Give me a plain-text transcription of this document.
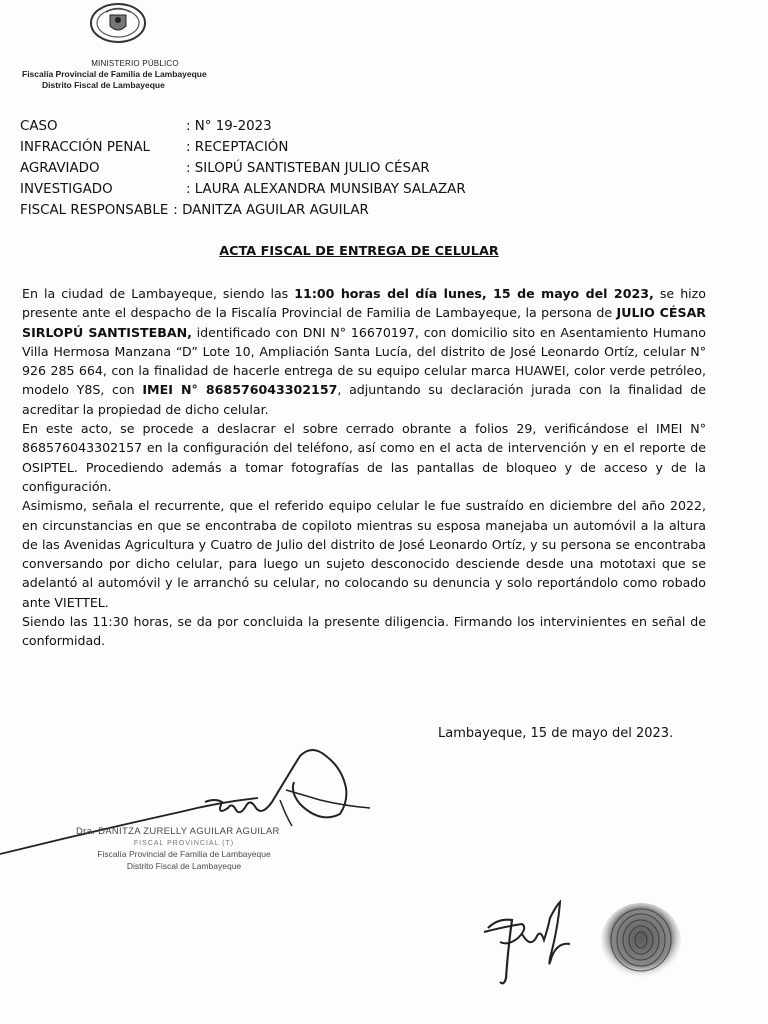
MINISTERIO PÚBLICO
Fiscalía Provincial de Familia de Lambayeque
Distrito Fiscal de Lambayeque
CASO	: N° 19-2023
INFRACCIÓN PENAL	: RECEPTACIÓN
AGRAVIADO	: SILOPÚ SANTISTEBAN JULIO CÉSAR
INVESTIGADO	: LAURA ALEXANDRA MUNSIBAY SALAZAR
FISCAL RESPONSABLE : DANITZA AGUILAR AGUILAR
ACTA FISCAL DE ENTREGA DE CELULAR

En la ciudad de Lambayeque, siendo las 11:00 horas del día lunes, 15 de mayo del 2023, se hizo presente ante el despacho de la Fiscalía Provincial de Familia de Lambayeque, la persona de JULIO CÉSAR SIRLOPÚ SANTISTEBAN, identificado con DNI N° 16670197, con domicilio sito en Asentamiento Humano Villa Hermosa Manzana “D” Lote 10, Ampliación Santa Lucía, del distrito de José Leonardo Ortíz, celular N° 926 285 664, con la finalidad de hacerle entrega de su equipo celular marca HUAWEI, color verde petróleo, modelo Y8S, con IMEI N° 868576043302157, adjuntando su declaración jurada con la finalidad de acreditar la propiedad de dicho celular.

En este acto, se procede a deslacrar el sobre cerrado obrante a folios 29, verificándose el IMEI N° 868576043302157 en la configuración del teléfono, así como en el acta de intervención y en el reporte de OSIPTEL. Procediendo además a tomar fotografías de las pantallas de bloqueo y de acceso y de la configuración.

Asimismo, señala el recurrente, que el referido equipo celular le fue sustraído en diciembre del año 2022, en circunstancias en que se encontraba de copiloto mientras su esposa manejaba un automóvil a la altura de las Avenidas Agricultura y Cuatro de Julio del distrito de José Leonardo Ortíz, y su persona se encontraba conversando por dicho celular, para luego un sujeto desconocido desciende desde una mototaxi que se adelantó al automóvil y le arranchó su celular, no colocando su denuncia y solo reportándolo como robado ante VIETTEL.

Siendo las 11:30 horas, se da por concluida la presente diligencia. Firmando los intervinientes en señal de conformidad.

Lambayeque, 15 de mayo del 2023.
Dra. DANITZA ZURELLY AGUILAR AGUILAR
FISCAL PROVINCIAL (T)
Fiscalía Provincial de Familia de Lambayeque
Distrito Fiscal de Lambayeque
